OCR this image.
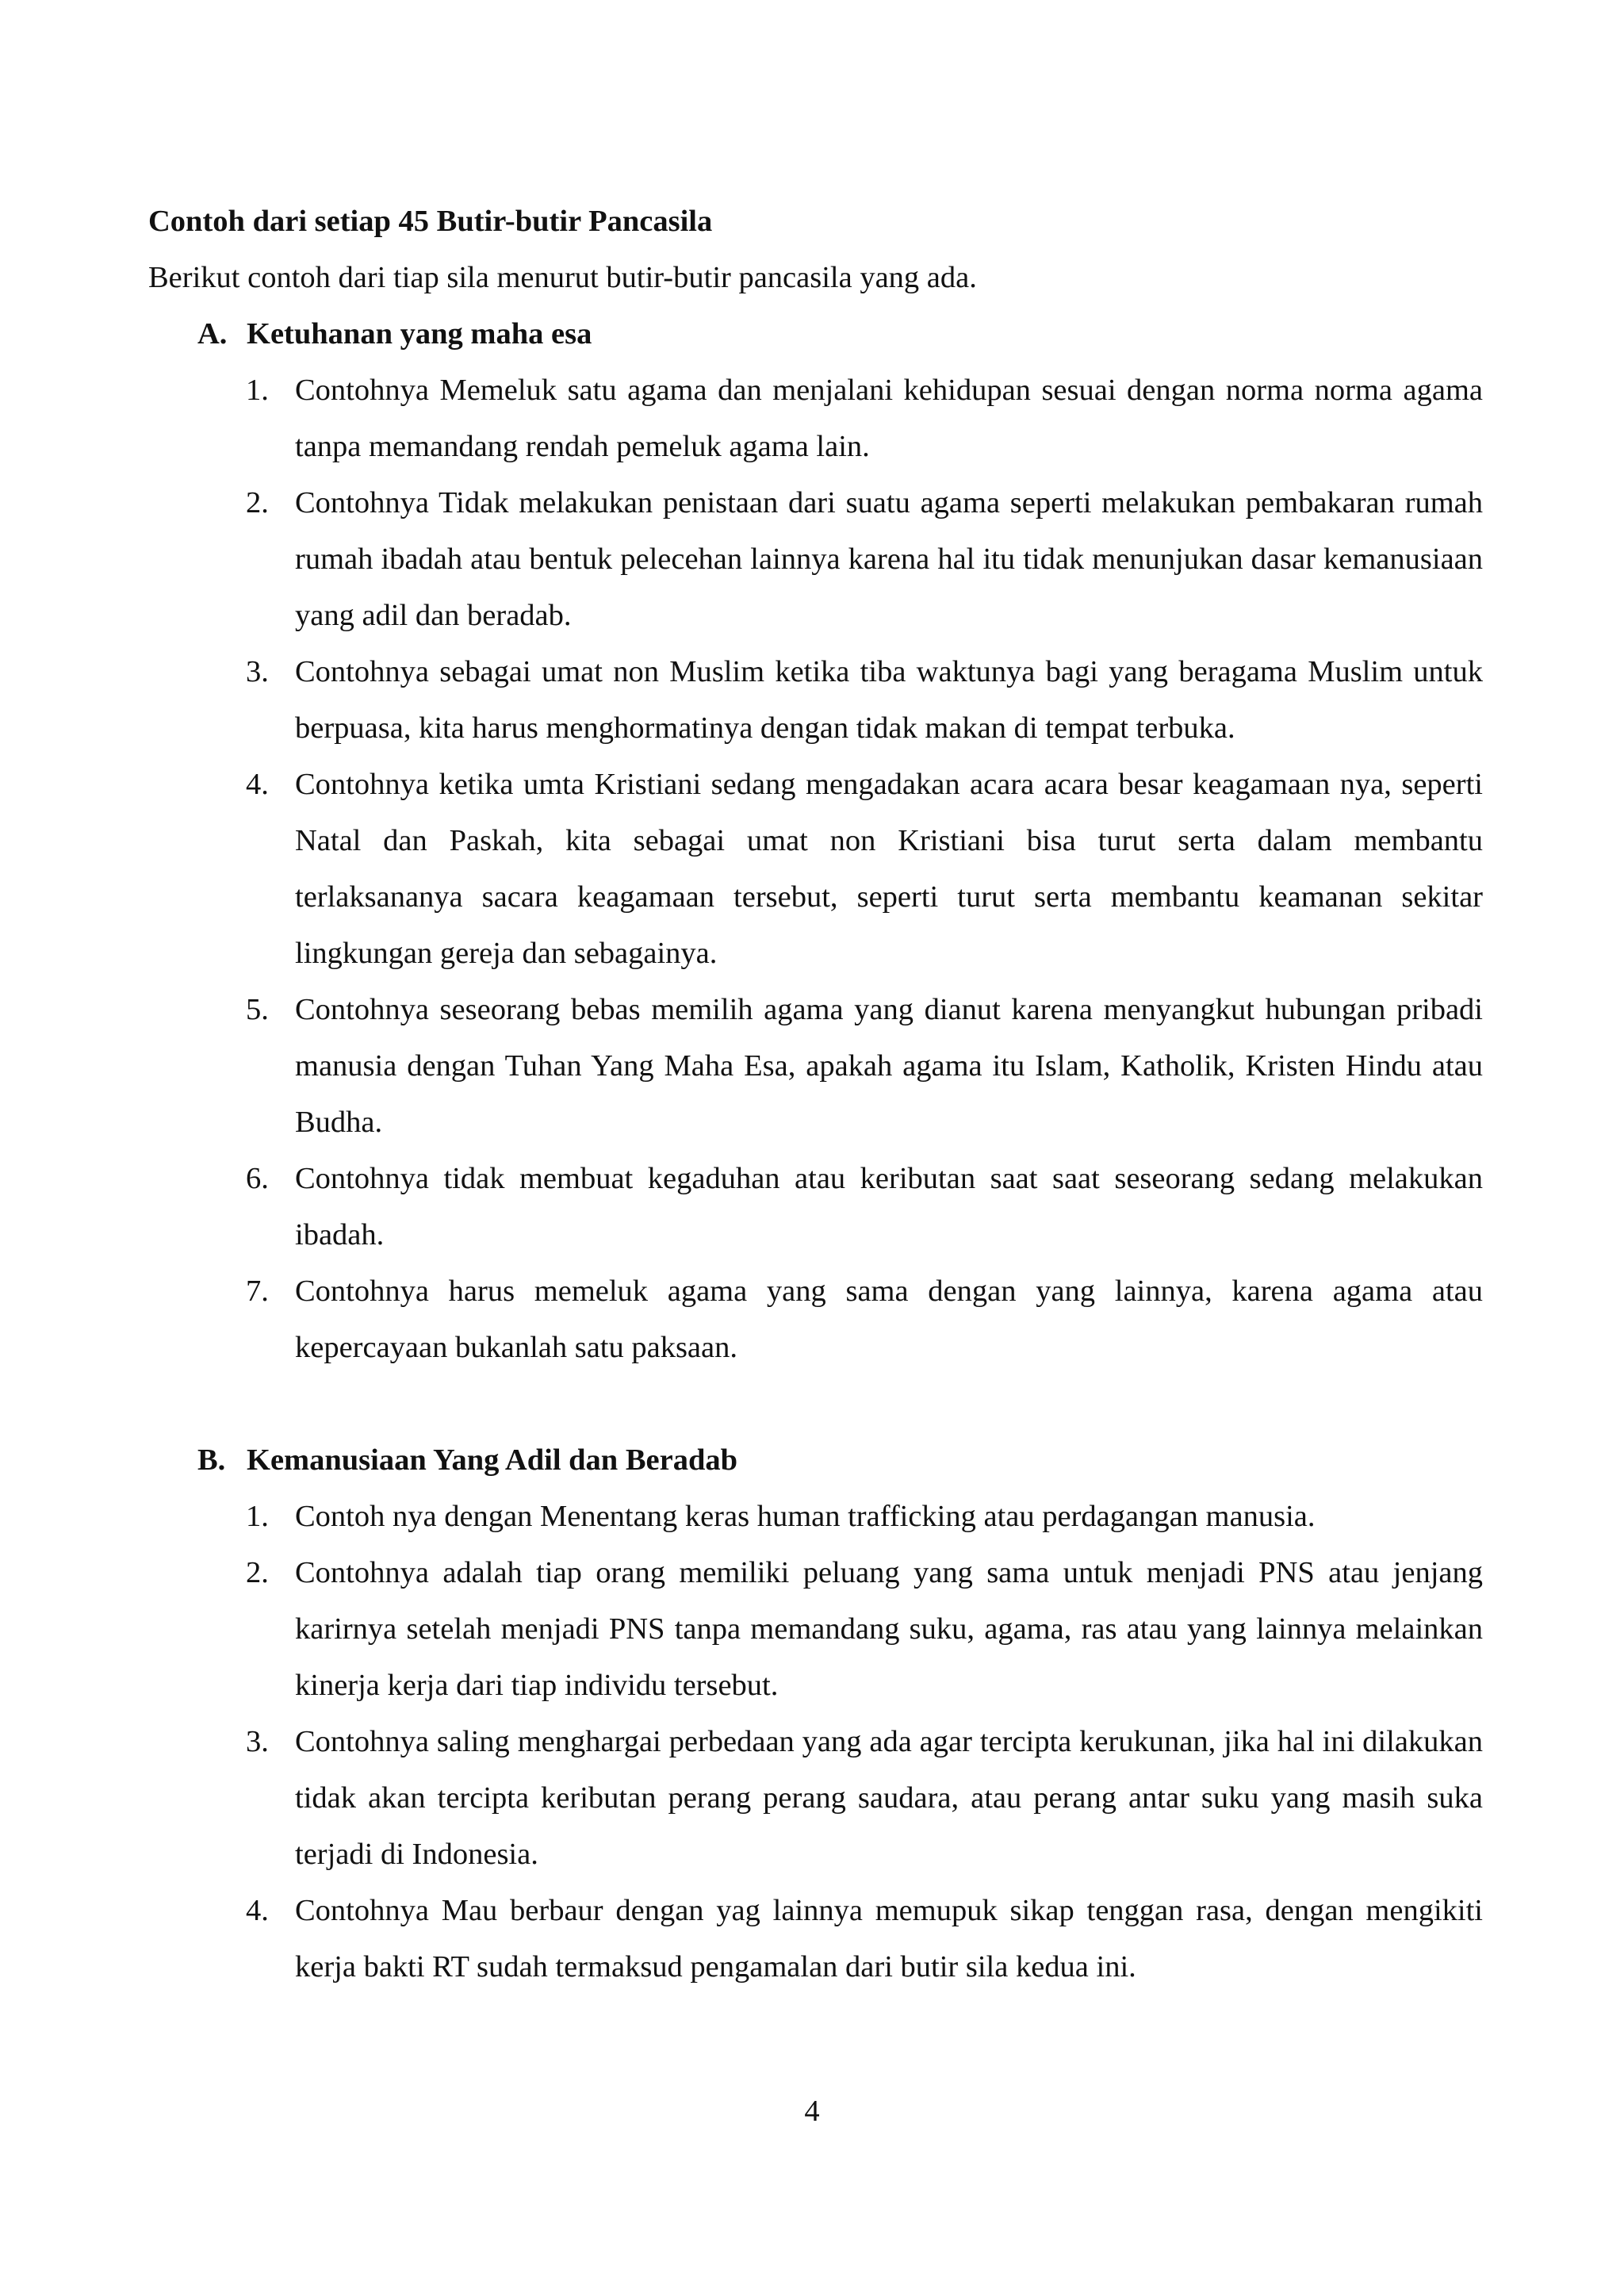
Contoh dari setiap 45 Butir-butir Pancasila

Berikut contoh dari tiap sila menurut butir-butir pancasila yang ada.

A. Ketuhanan yang maha esa
1. Contohnya Memeluk satu agama dan menjalani kehidupan sesuai dengan norma norma agama tanpa memandang rendah pemeluk agama lain.
2. Contohnya Tidak melakukan penistaan dari suatu agama seperti melakukan pembakaran rumah rumah ibadah atau bentuk pelecehan lainnya karena hal itu tidak menunjukan dasar kemanusiaan yang adil dan beradab.
3. Contohnya sebagai umat non Muslim ketika tiba waktunya bagi yang beragama Muslim untuk berpuasa, kita harus menghormatinya dengan tidak makan di tempat terbuka.
4. Contohnya ketika umta Kristiani sedang mengadakan acara acara besar keagamaan nya, seperti Natal dan Paskah, kita sebagai umat non Kristiani bisa turut serta dalam membantu terlaksananya sacara keagamaan tersebut, seperti turut serta membantu keamanan sekitar lingkungan gereja dan sebagainya.
5. Contohnya seseorang bebas memilih agama yang dianut karena menyangkut hubungan pribadi manusia dengan Tuhan Yang Maha Esa, apakah agama itu Islam, Katholik, Kristen Hindu atau Budha.
6. Contohnya tidak membuat kegaduhan atau keributan saat saat seseorang sedang melakukan ibadah.
7. Contohnya harus memeluk agama yang sama dengan yang lainnya, karena agama atau kepercayaan bukanlah satu paksaan.
B. Kemanusiaan Yang Adil dan Beradab
1. Contoh nya dengan Menentang keras human trafficking atau perdagangan manusia.
2. Contohnya adalah tiap orang memiliki peluang yang sama untuk menjadi PNS atau jenjang karirnya setelah menjadi PNS tanpa memandang suku, agama, ras atau yang lainnya melainkan kinerja kerja dari tiap individu tersebut.
3. Contohnya saling menghargai perbedaan yang ada agar tercipta kerukunan, jika hal ini dilakukan tidak akan tercipta keributan perang perang saudara, atau perang antar suku yang masih suka terjadi di Indonesia.
4. Contohnya Mau berbaur dengan yag lainnya memupuk sikap tenggan rasa, dengan mengikiti kerja bakti RT sudah termaksud pengamalan dari butir sila kedua ini.
4
